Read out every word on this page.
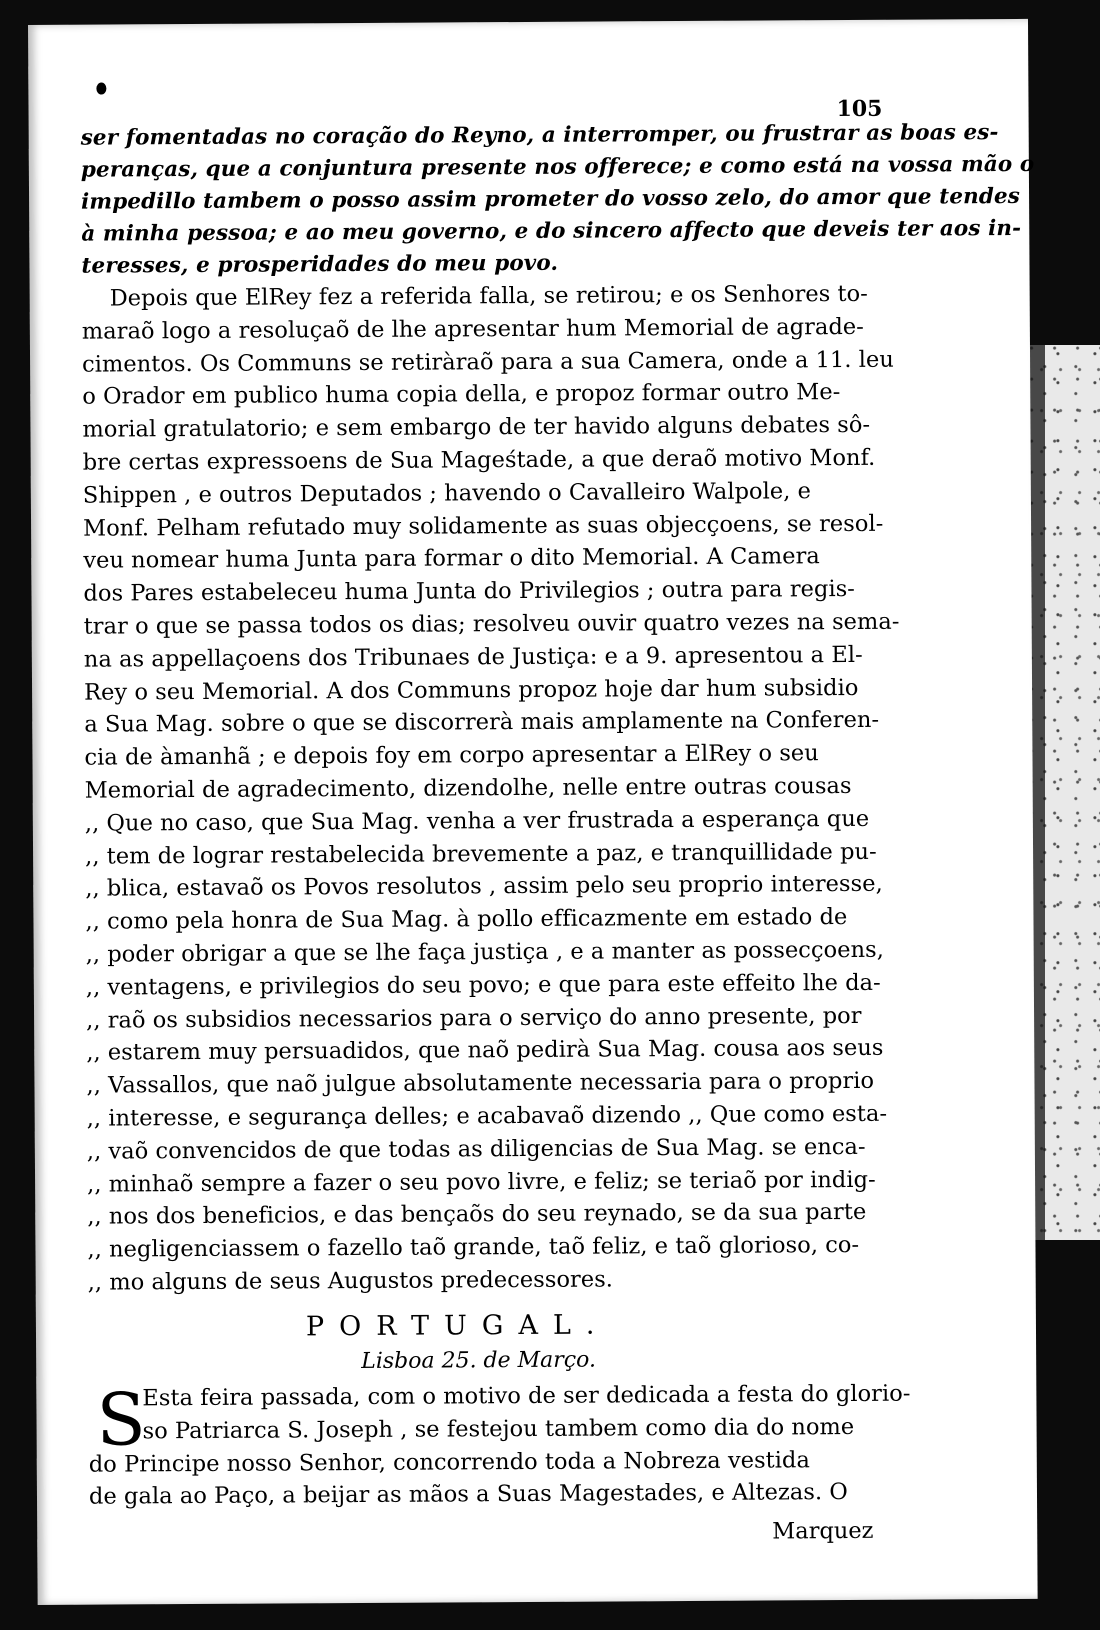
105
ser fomentadas no coração do Reyno, a interromper, ou frustrar as boas es-
peranças, que a conjuntura presente nos offerece; e como está na vossa mão o
impedillo tambem o posso assim prometer do vosso zelo, do amor que tendes
à minha pessoa; e ao meu governo, e do sincero affecto que deveis ter aos in-
teresses, e prosperidades do meu povo.
Depois que ElRey fez a referida falla, se retirou; e os Senhores to-
maraõ logo a resoluçaõ de lhe apresentar hum Memorial de agrade-
cimentos. Os Communs se retiràraõ para a sua Camera, onde a 11. leu
o Orador em publico huma copia della, e propoz formar outro Me-
morial gratulatorio; e sem embargo de ter havido alguns debates sô-
bre certas expressoens de Sua Mageśtade, a que deraõ motivo Monf.
Shippen , e outros Deputados ; havendo o Cavalleiro Walpole, e
Monf. Pelham refutado muy solidamente as suas objecçoens, se resol-
veu nomear huma Junta para formar o dito Memorial. A Camera
dos Pares estabeleceu huma Junta do Privilegios ; outra para regis-
trar o que se passa todos os dias; resolveu ouvir quatro vezes na sema-
na as appellaçoens dos Tribunaes de Justiça: e a 9. apresentou a El-
Rey o seu Memorial. A dos Communs propoz hoje dar hum subsidio
a Sua Mag. sobre o que se discorrerà mais amplamente na Conferen-
cia de àmanhã ; e depois foy em corpo apresentar a ElRey o seu
Memorial de agradecimento, dizendolhe, nelle entre outras cousas
,, Que no caso, que Sua Mag. venha a ver frustrada a esperança que
,, tem de lograr restabelecida brevemente a paz, e tranquillidade pu-
,, blica, estavaõ os Povos resolutos , assim pelo seu proprio interesse,
,, como pela honra de Sua Mag. à pollo efficazmente em estado de
,, poder obrigar a que se lhe faça justiça , e a manter as possecçoens,
,, ventagens, e privilegios do seu povo; e que para este effeito lhe da-
,, raõ os subsidios necessarios para o serviço do anno presente, por
,, estarem muy persuadidos, que naõ pedirà Sua Mag. cousa aos seus
,, Vassallos, que naõ julgue absolutamente necessaria para o proprio
,, interesse, e segurança delles; e acabavaõ dizendo ,, Que como esta-
,, vaõ convencidos de que todas as diligencias de Sua Mag. se enca-
,, minhaõ sempre a fazer o seu povo livre, e feliz; se teriaõ por indig-
,, nos dos beneficios, e das bençaõs do seu reynado, se da sua parte
,, negligenciassem o fazello taõ grande, taõ feliz, e taõ glorioso, co-
,, mo alguns de seus Augustos predecessores.
PORTUGAL.
Lisboa 25. de Março.
S
Esta feira passada, com o motivo de ser dedicada a festa do glorio-
so Patriarca S. Joseph , se festejou tambem como dia do nome
do Principe nosso Senhor, concorrendo toda a Nobreza vestida
de gala ao Paço, a beijar as mãos a Suas Magestades, e Altezas. O
Marquez
